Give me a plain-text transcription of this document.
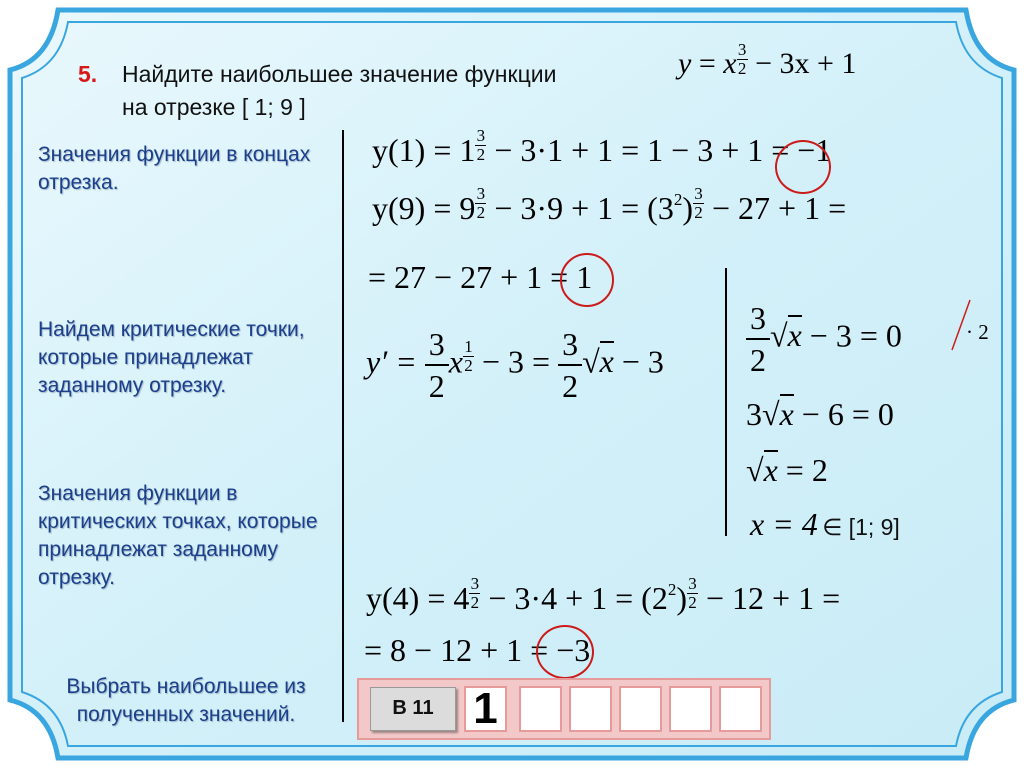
5. Найдите наибольшее значение функции
на отрезке [ 1; 9 ]
y = x $\frac{3}{2} - 3x + 1$
Значения функции в концах отрезка.
Найдем критические точки, которые принадлежат заданному отрезку.
Значения функции в критических точках, которые принадлежат заданному отрезку.
Выбрать наибольшее из полученных значений.
$y(1) = 1 \frac{3}{2} - 3\cdot 1 + 1 = 1 - 3 + 1 = -1$
$y(9) = 9 \frac{3}{2} - 3\cdot 9 + 1 = (3^2) \frac{3}{2} - 27 + 1$ =
= 27 − 27 + 1 = 1
$y' = \frac{3}{2}$ x $\frac{1}{2} - 3 = \frac{3}{2} √x - 3$	$\frac{3}{2} √x - 3 = 0$	· 2
3√x − 6 = 0
√x = 2
x = 4 ∈ [1; 9]
$y(4) = 4 \frac{3}{2} - 3\cdot 4 + 1 = (2^2) \frac{3}{2} - 12 + 1$ =
= 8 − 12 + 1 = −3
В 11 1
